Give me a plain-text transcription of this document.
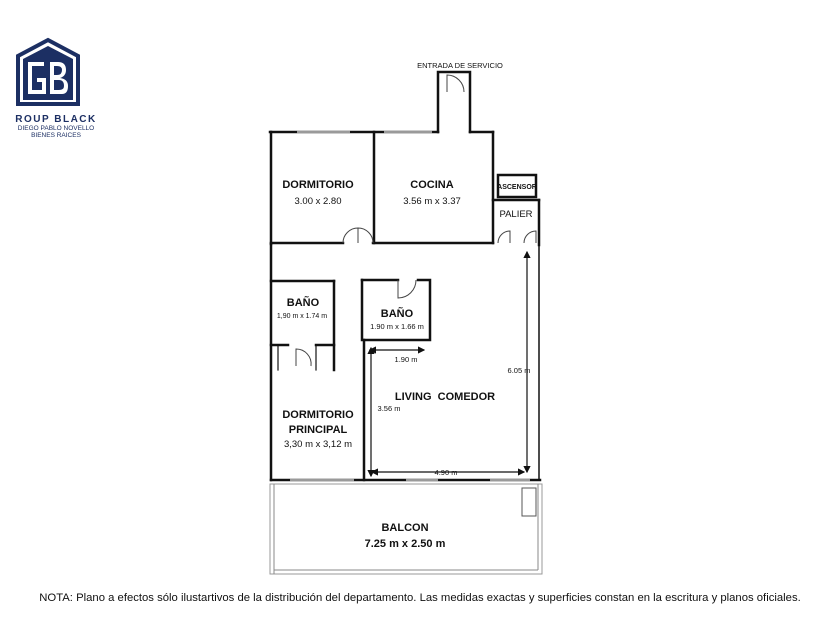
ENTRADA DE SERVICIO
ASCENSOR
PALIER
DORMITORIO
3.00 x 2.80
COCINA
3.56 m x 3.37
BAÑO
1,90 m x 1.74 m	BAÑO
1.90 m x 1.66 m
1.90 m
3.56 m
6.05 m
4.90 m
LIVING  COMEDOR
DORMITORIO
PRINCIPAL
3,30 m x 3,12 m
BALCON
7.25 m x 2.50 m
ROUP BLACK
DIEGO PABLO NOVELLO
BIENES RAICES
NOTA: Plano a efectos sólo ilustartivos de la distribución del departamento. Las medidas exactas y superficies constan en la escritura y planos oficiales.
